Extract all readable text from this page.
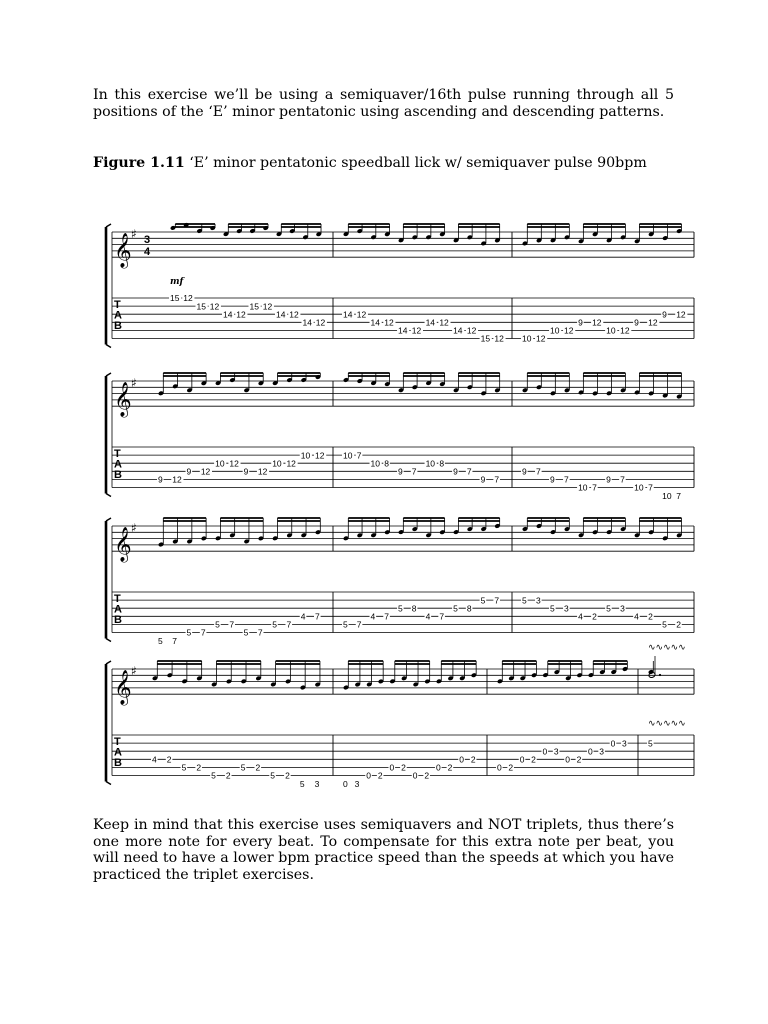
In this exercise we’ll be using a semiquaver/16th pulse running through all 5 positions of the ‘E’ minor pentatonic using ascending and descending patterns.

Figure 1.11 ‘E’ minor pentatonic speedball lick w/ semiquaver pulse 90bpm

𝄞 ♯ 3
4
mf
T
A
B
15 12
15 12
14 12
15 12
14 12
14 12
14 12
14 12
14 12
14 12
14 12
15 12 10 12
10 12
9 12
10 12
9 12
9 12
𝄞 ♯
T
A
B	9 12
9 12
10 12
9 12
10 12
10 12 10 7
10 8
9 7
10 8
9 7
9 7
9 7
9 7
10 7
9 7
10 7
10 7
𝄞 ♯
T
A
B
5 7
5 7
5 7
5 7
5 7
4 7
5 7
4 7
5 8
4 7
5 8
5 7	5 3
5 3
4 2
5 3
4 2
5 2
𝄞 ♯
T
A
B	4 2
5 2
5 2
5 2
5 2
5 3	0 3
0 2
0 2
0 2
0 2
0 2
0 2
0 2
0 3
0 2
0 3
0 3 5
∿∿∿∿∿
∿∿∿∿∿

Keep in mind that this exercise uses semiquavers and NOT triplets, thus there’s one more note for every beat. To compensate for this extra note per beat, you will need to have a lower bpm practice speed than the speeds at which you have practiced the triplet exercises.
